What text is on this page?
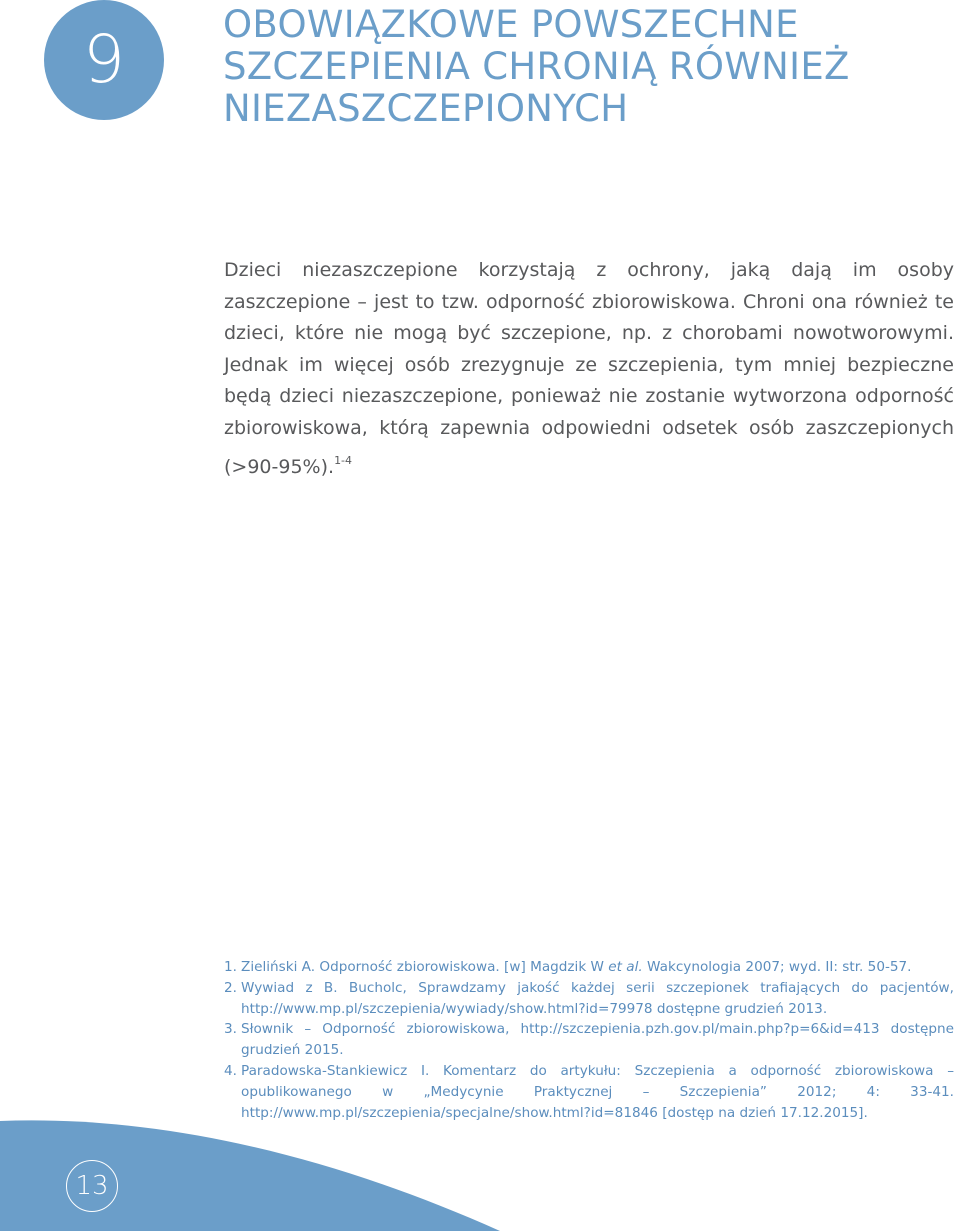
9	OBOWIĄZKOWE POWSZECHNE
SZCZEPIENIA CHRONIĄ RÓWNIEŻ
NIEZASZCZEPIONYCH

Dzieci niezaszczepione korzystają z ochrony, jaką dają im osoby zaszczepione – jest to tzw. odporność zbiorowiskowa. Chroni ona również te dzieci, które nie mogą być szczepione, np. z chorobami nowotworowymi. Jednak im więcej osób zrezygnuje ze szczepienia, tym mniej bezpieczne będą dzieci niezaszczepione, ponieważ nie zostanie wytworzona odporność zbiorowiskowa, którą zapewnia odpowiedni odsetek osób zaszczepionych (>90-95%).$^{1-4}$

1. Zieliński A. Odporność zbiorowiskowa. [w] Magdzik W et al. Wakcynologia 2007; wyd. II: str. 50-57.
2. Wywiad z B. Bucholc, Sprawdzamy jakość każdej serii szczepionek trafiających do pacjentów, http://www.mp.pl/szczepienia/wywiady/show.html?id=79978 dostępne grudzień 2013.
3. Słownik – Odporność zbiorowiskowa, http://szczepienia.pzh.gov.pl/main.php?p=6&id=413 dostępne grudzień 2015.
4. Paradowska-Stankiewicz I. Komentarz do artykułu: Szczepienia a odporność zbiorowiskowa – opublikowanego w „Medycynie Praktycznej – Szczepienia” 2012; 4: 33-41. http://www.mp.pl/szczepienia/specjalne/show.html?id=81846 [dostęp na dzień 17.12.2015].
13
